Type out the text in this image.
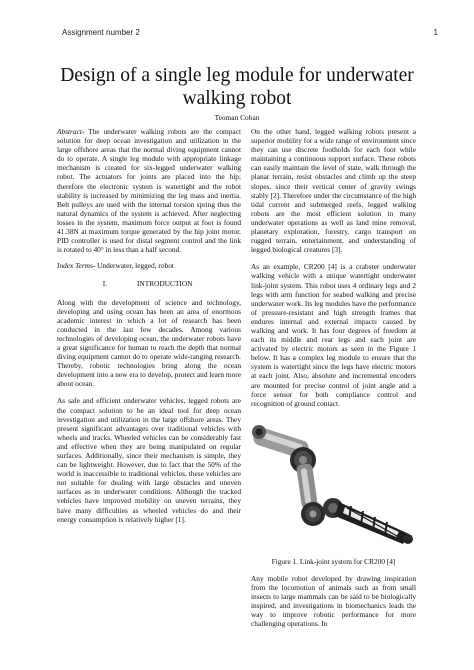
Assignment number 2	1
Design of a single leg module for underwater walking robot
Teoman Coban

Abstract- The underwater walking robots are the compact solution for deep ocean investigation and utilization in the large offshore areas that the normal diving equipment cannot do to operate. A single leg module with appropriate linkage mechanism is created for six-legged underwater walking robot. The actuators for joints are placed into the hip; therefore the electronic system is watertight and the robot stability is increased by minimizing the leg mass and inertia. Belt pulleys are used with the internal torsion spring thus the natural dynamics of the system is achieved. After neglecting losses in the system, maximum force output at foot is found 41.38N at maximum torque generated by the hip joint motor. PID controller is used for distal segment control and the link is rotated to 40° in less than a half second.

Index Terms- Underwater, legged, robot

I.	INTRODUCTION

Along with the development of science and technology, developing and using ocean has been an area of enormous academic interest in which a lot of research has been conducted in the last few decades. Among various technologies of developing ocean, the underwater robots have a great significance for human to reach the depth that normal diving equipment cannot do to operate wide-ranging research. Thereby, robotic technologies bring along the ocean development into a new era to develop, protect and learn more about ocean.

As safe and efficient underwater vehicles, legged robots are the compact solution to be an ideal tool for deep ocean investigation and utilization in the large offshore areas. They present significant advantages over traditional vehicles with wheels and tracks. Wheeled vehicles can be considerably fast and effective when they are being manipulated on regular surfaces. Additionally, since their mechanism is simple, they can be lightweight. However, due to fact that the 50% of the world is inaccessible to traditional vehicles, these vehicles are not suitable for dealing with large obstacles and uneven surfaces as in underwater conditions. Although the tracked vehicles have improved mobility on uneven terrains, they have many difficulties as wheeled vehicles do and their energy consumption is relatively higher [1].

On the other hand, legged walking robots present a superior mobility for a wide range of environment since they can use discrete footholds for each foot while maintaining a continuous support surface. These robots can easily maintain the level of state, walk through the planar terrain, resist obstacles and climb up the steep slopes, since their vertical center of gravity swings stably [2]. Therefore under the circumstance of the high tidal current and submerged reefs, legged walking robots are the most efficient solution in many underwater operations as well as land mine removal, planetary exploration, forestry, cargo transport on rugged terrain, entertainment, and understanding of legged biological creatures [3].

As an example, CR200 [4] is a crabster underwater walking vehicle with a unique watertight underwater link-joint system. This robot uses 4 ordinary legs and 2 legs with arm function for seabed walking and precise underwater work. Its leg modules have the performance of pressure-resistant and high strength frames that endures internal and external impacts caused by walking and work. It has four degrees of freedom at each its middle and rear legs and each joint are activated by electric motors as seen in the Figure 1 below. It has a complex leg module to ensure that the system is watertight since the legs have electric motors at each joint. Also, absolute and incremental encoders are mounted for precise control of joint angle and a force sensor for both compliance control and recognition of ground contact.

Figure 1. Link-joint system for CR200 [4]

Any mobile robot developed by drawing inspiration from the locomotion of animals such as from small insects to large mammals can be said to be biologically inspired, and investigations in biomechanics leads the way to improve robotic performance for more challenging operations. In
